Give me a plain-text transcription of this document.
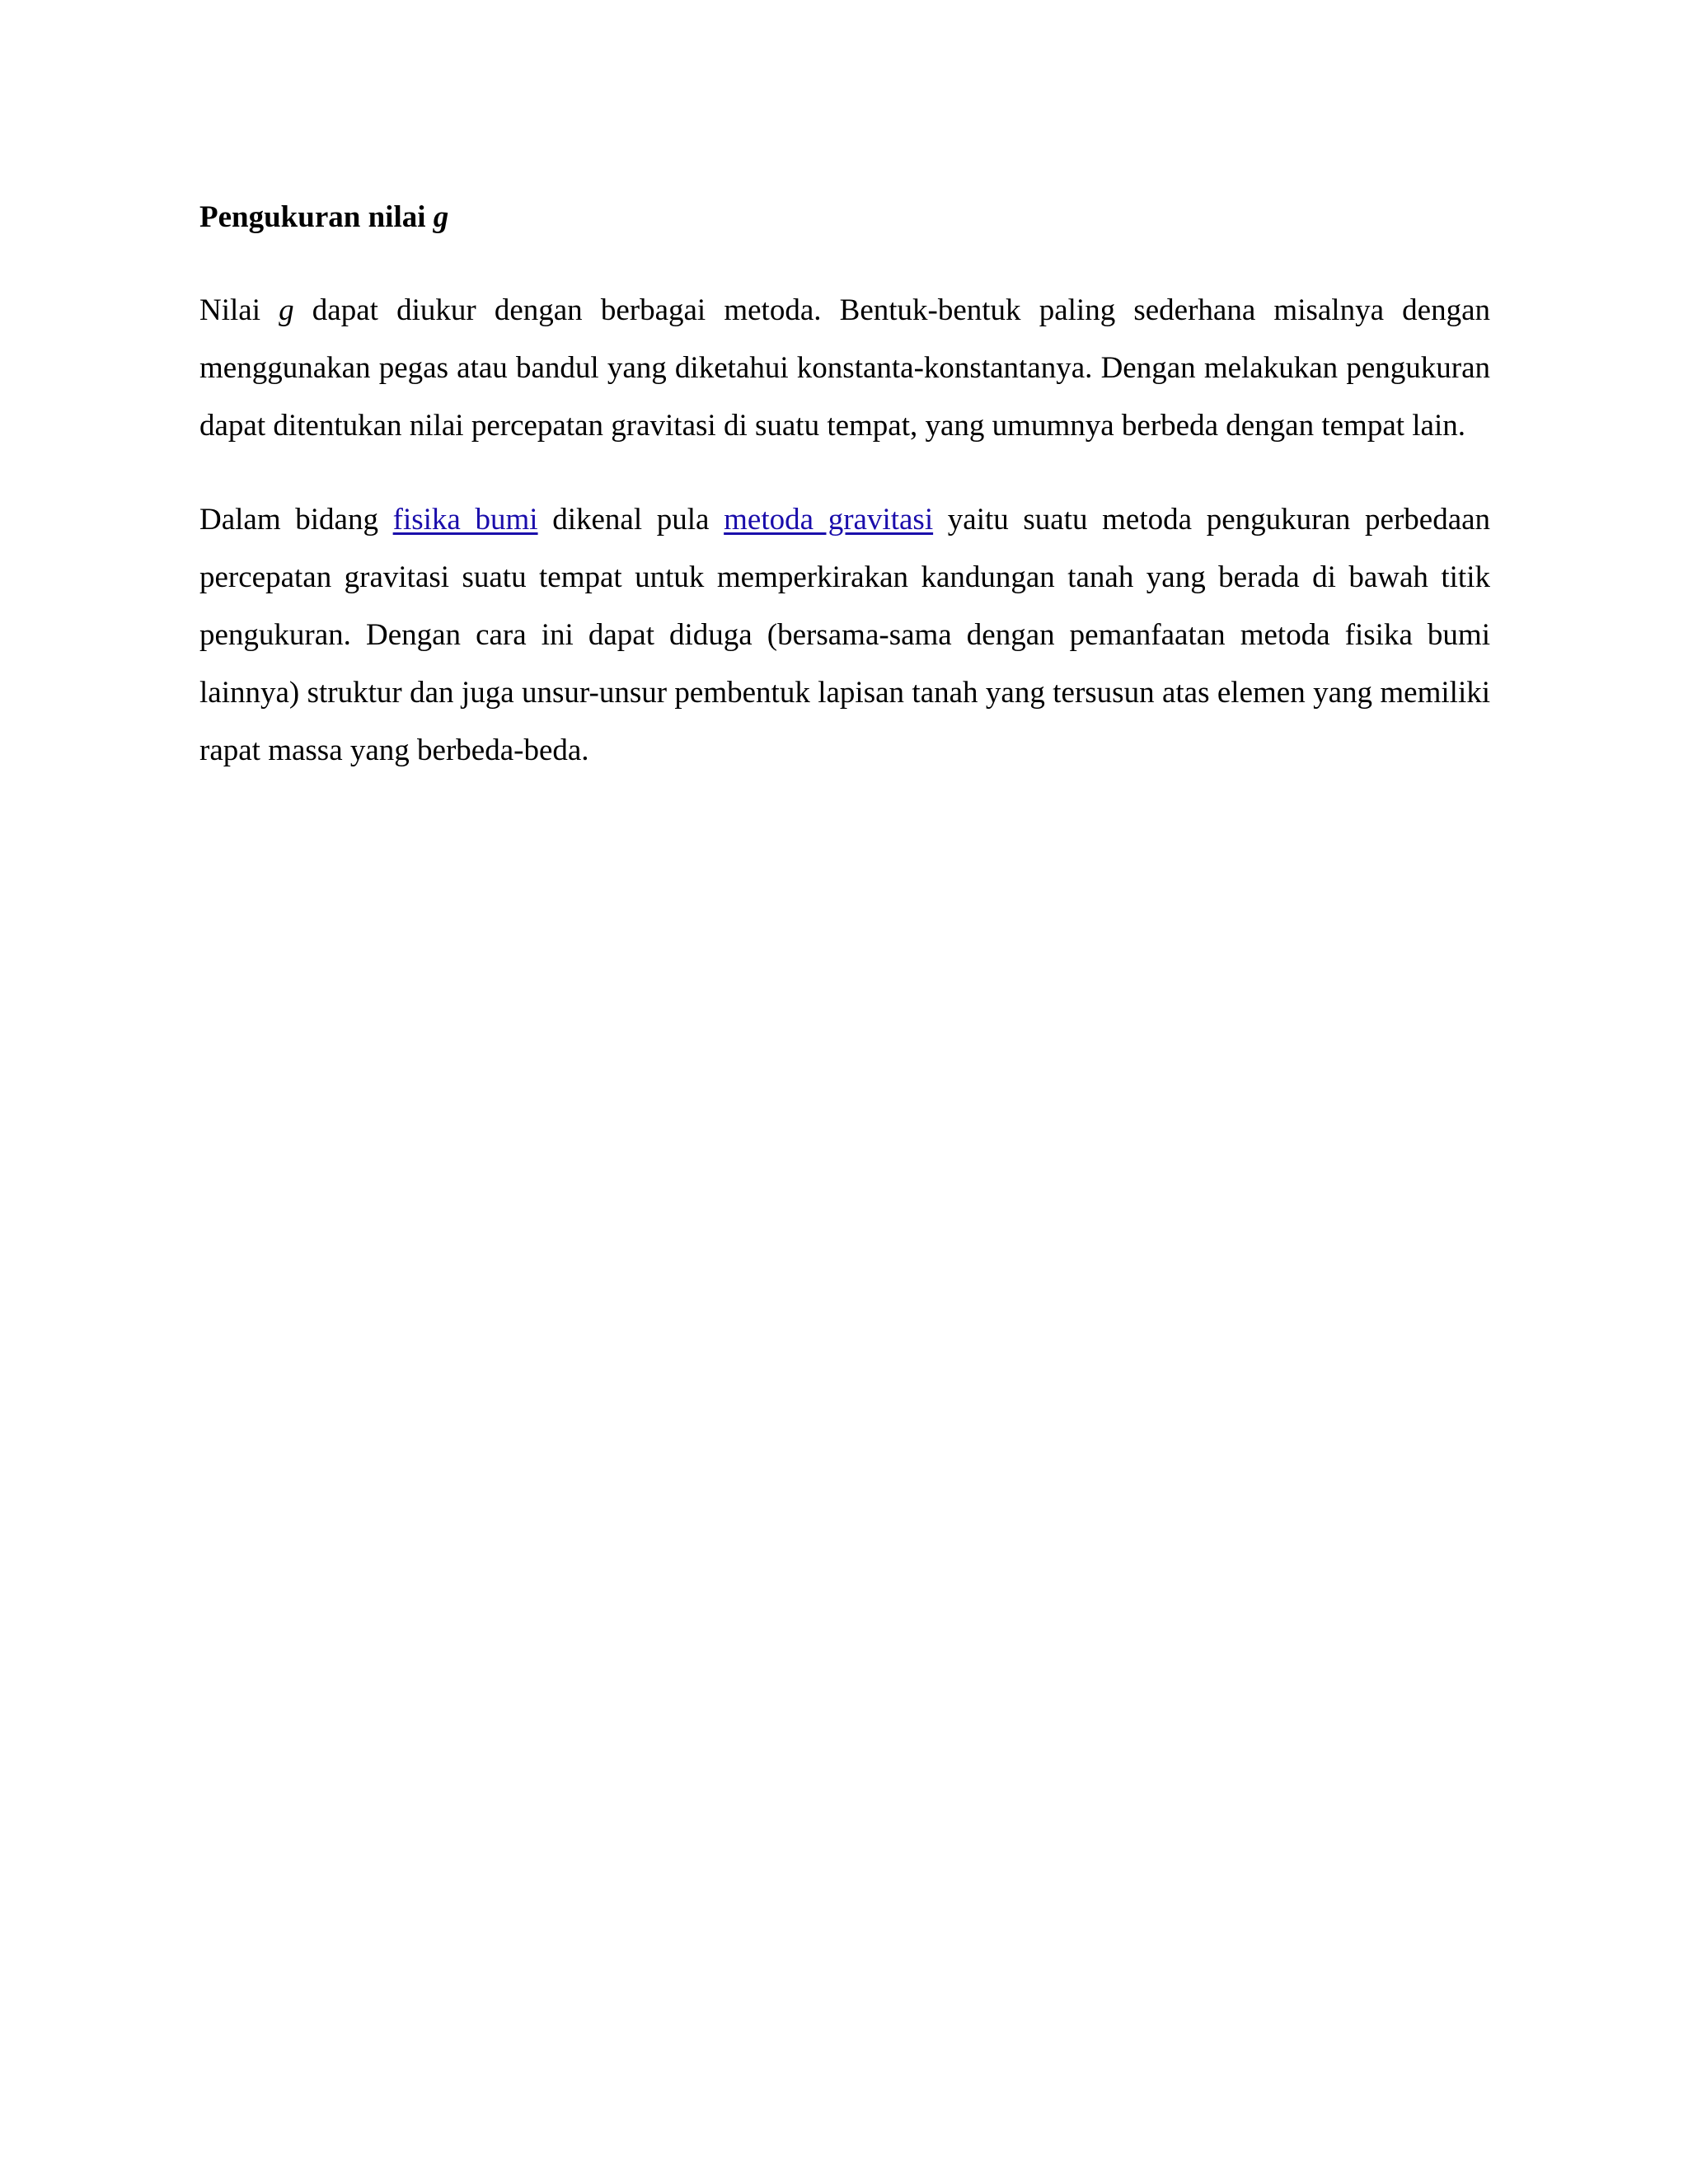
Pengukuran nilai g

Nilai g dapat diukur dengan berbagai metoda. Bentuk-bentuk paling sederhana misalnya dengan menggunakan pegas atau bandul yang diketahui konstanta-konstantanya. Dengan melakukan pengukuran dapat ditentukan nilai percepatan gravitasi di suatu tempat, yang umumnya berbeda dengan tempat lain.

Dalam bidang fisika bumi dikenal pula metoda gravitasi yaitu suatu metoda pengukuran perbedaan percepatan gravitasi suatu tempat untuk memperkirakan kandungan tanah yang berada di bawah titik pengukuran. Dengan cara ini dapat diduga (bersama-sama dengan pemanfaatan metoda fisika bumi lainnya) struktur dan juga unsur-unsur pembentuk lapisan tanah yang tersusun atas elemen yang memiliki rapat massa yang berbeda-beda.
